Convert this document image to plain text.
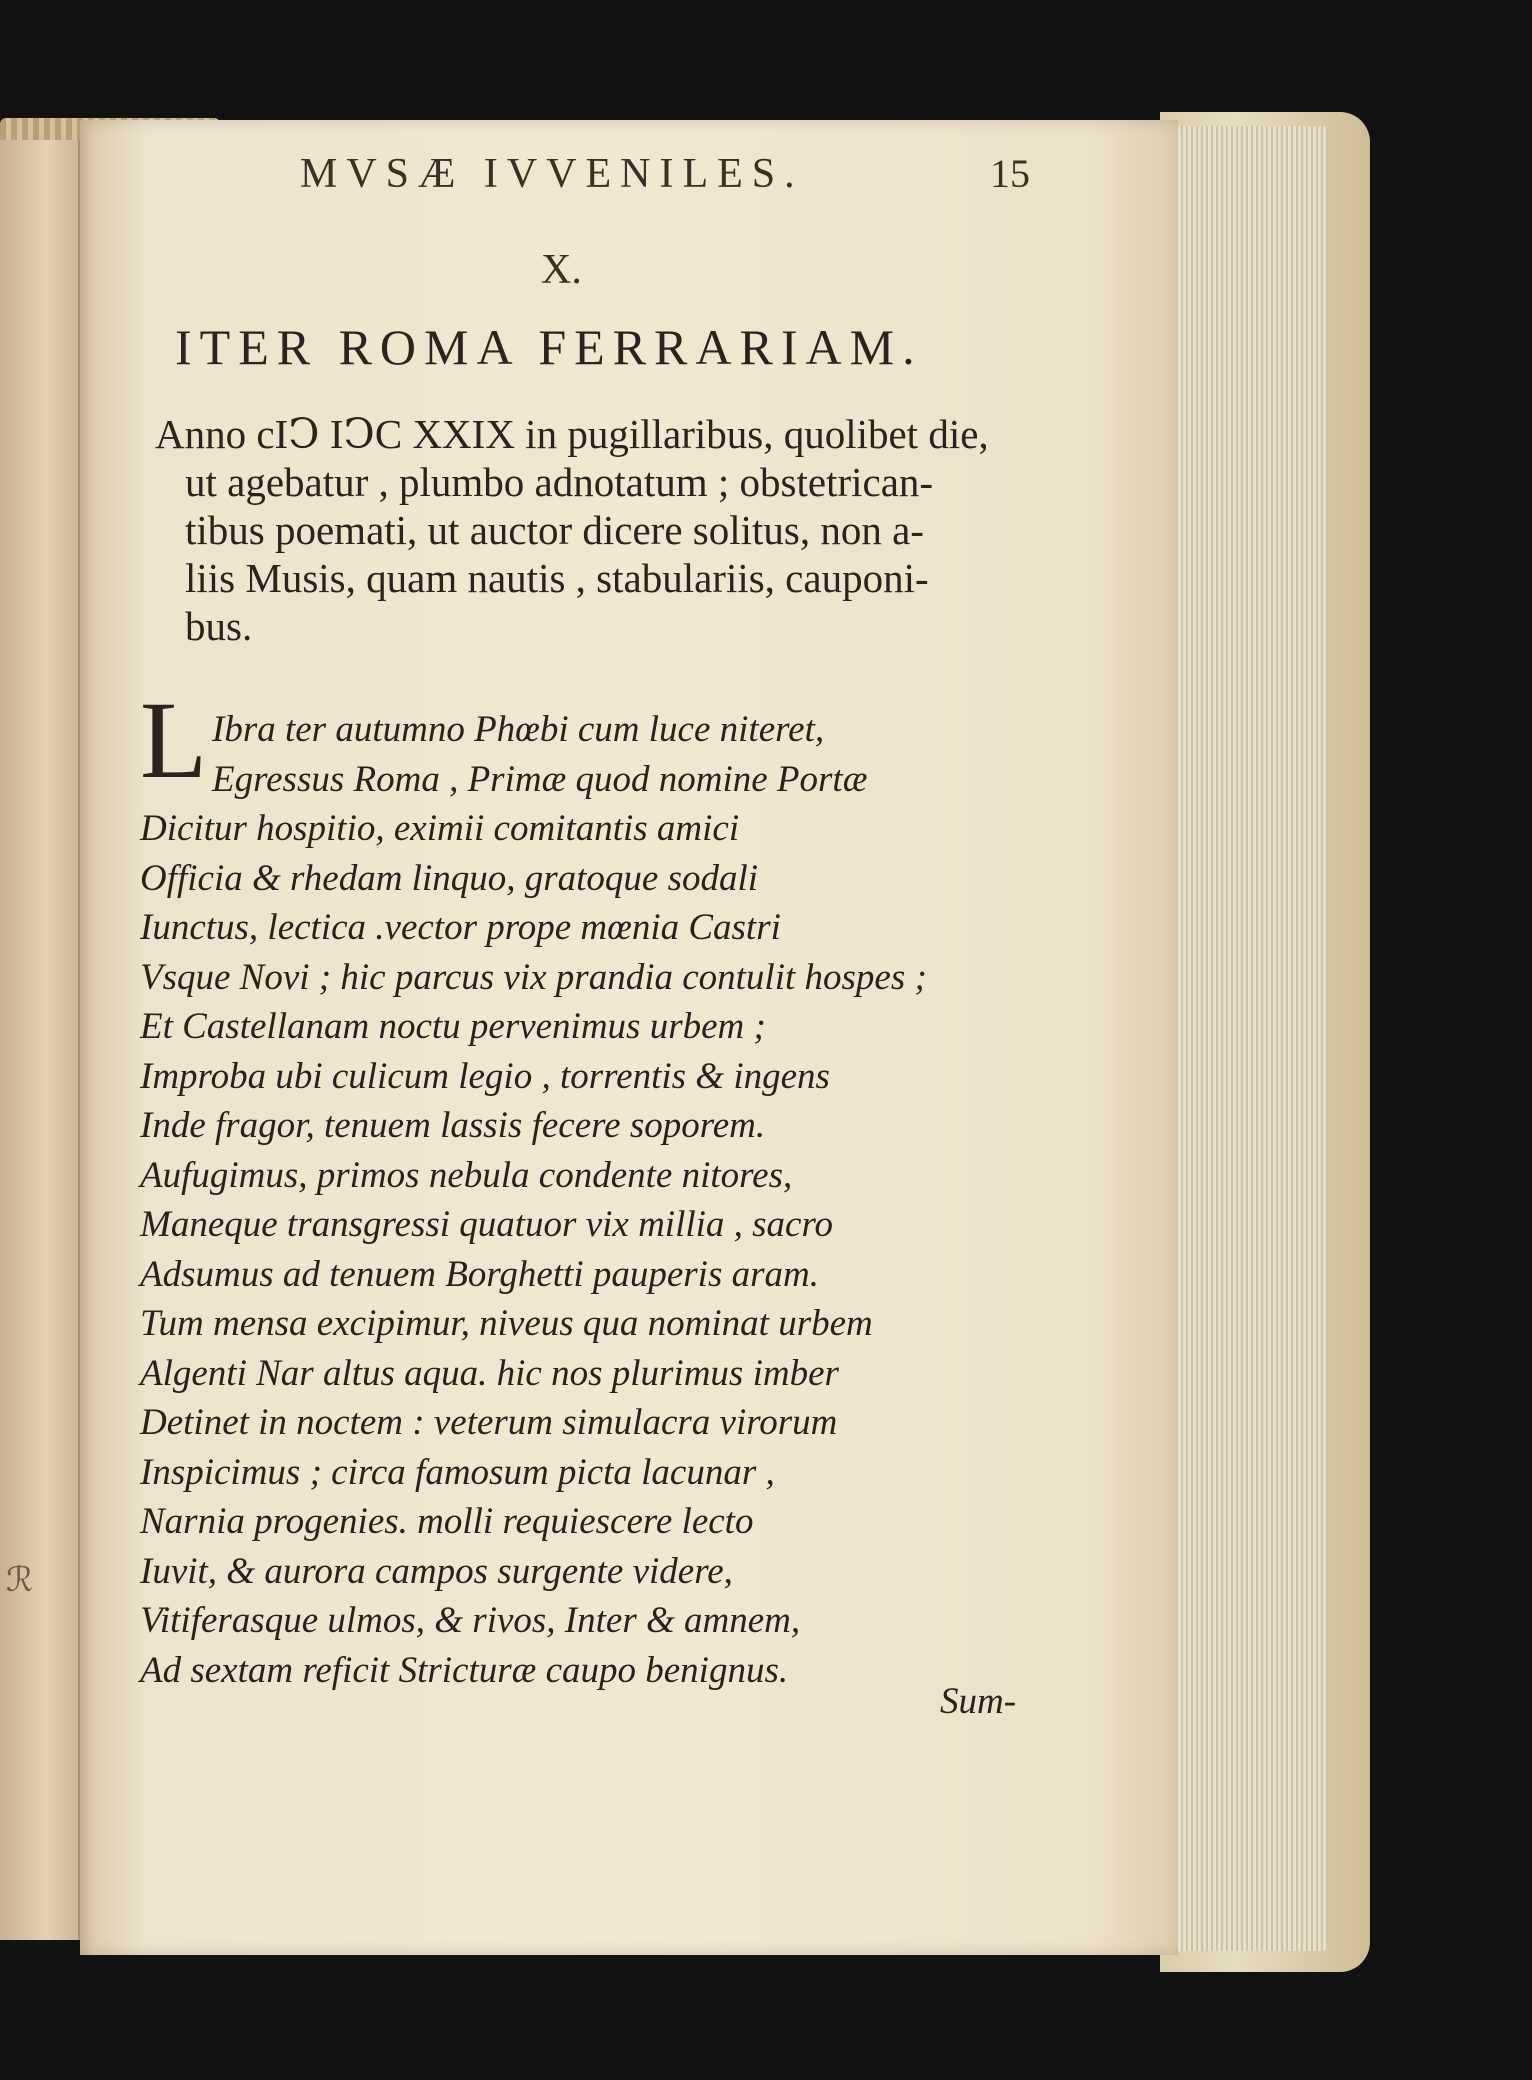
ℛ
MVSÆ IVVENILES.	15
X.
ITER ROMA FERRARIAM.
Anno cIↃ IↃC XXIX in pugillaribus, quolibet die,
ut agebatur , plumbo adnotatum ; obstetrican-
tibus poemati, ut auctor dicere solitus, non a-
liis Musis, quam nautis , stabulariis, cauponi-
bus.
L Ibra ter autumno Phœbi cum luce niteret,
Egressus Roma , Primæ quod nomine Portæ
Dicitur hospitio, eximii comitantis amici
Officia & rhedam linquo, gratoque sodali
Iunctus, lectica .vector prope mœnia Castri
Vsque Novi ; hic parcus vix prandia contulit hospes ;
Et Castellanam noctu pervenimus urbem ;
Improba ubi culicum legio , torrentis & ingens
Inde fragor, tenuem lassis fecere soporem.
Aufugimus, primos nebula condente nitores,
Maneque transgressi quatuor vix millia , sacro
Adsumus ad tenuem Borghetti pauperis aram.
Tum mensa excipimur, niveus qua nominat urbem
Algenti Nar altus aqua. hic nos plurimus imber
Detinet in noctem : veterum simulacra virorum
Inspicimus ; circa famosum picta lacunar ,
Narnia progenies. molli requiescere lecto
Iuvit, & aurora campos surgente videre,
Vitiferasque ulmos, & rivos, Inter & amnem,
Ad sextam reficit Stricturæ caupo benignus.
Sum-
